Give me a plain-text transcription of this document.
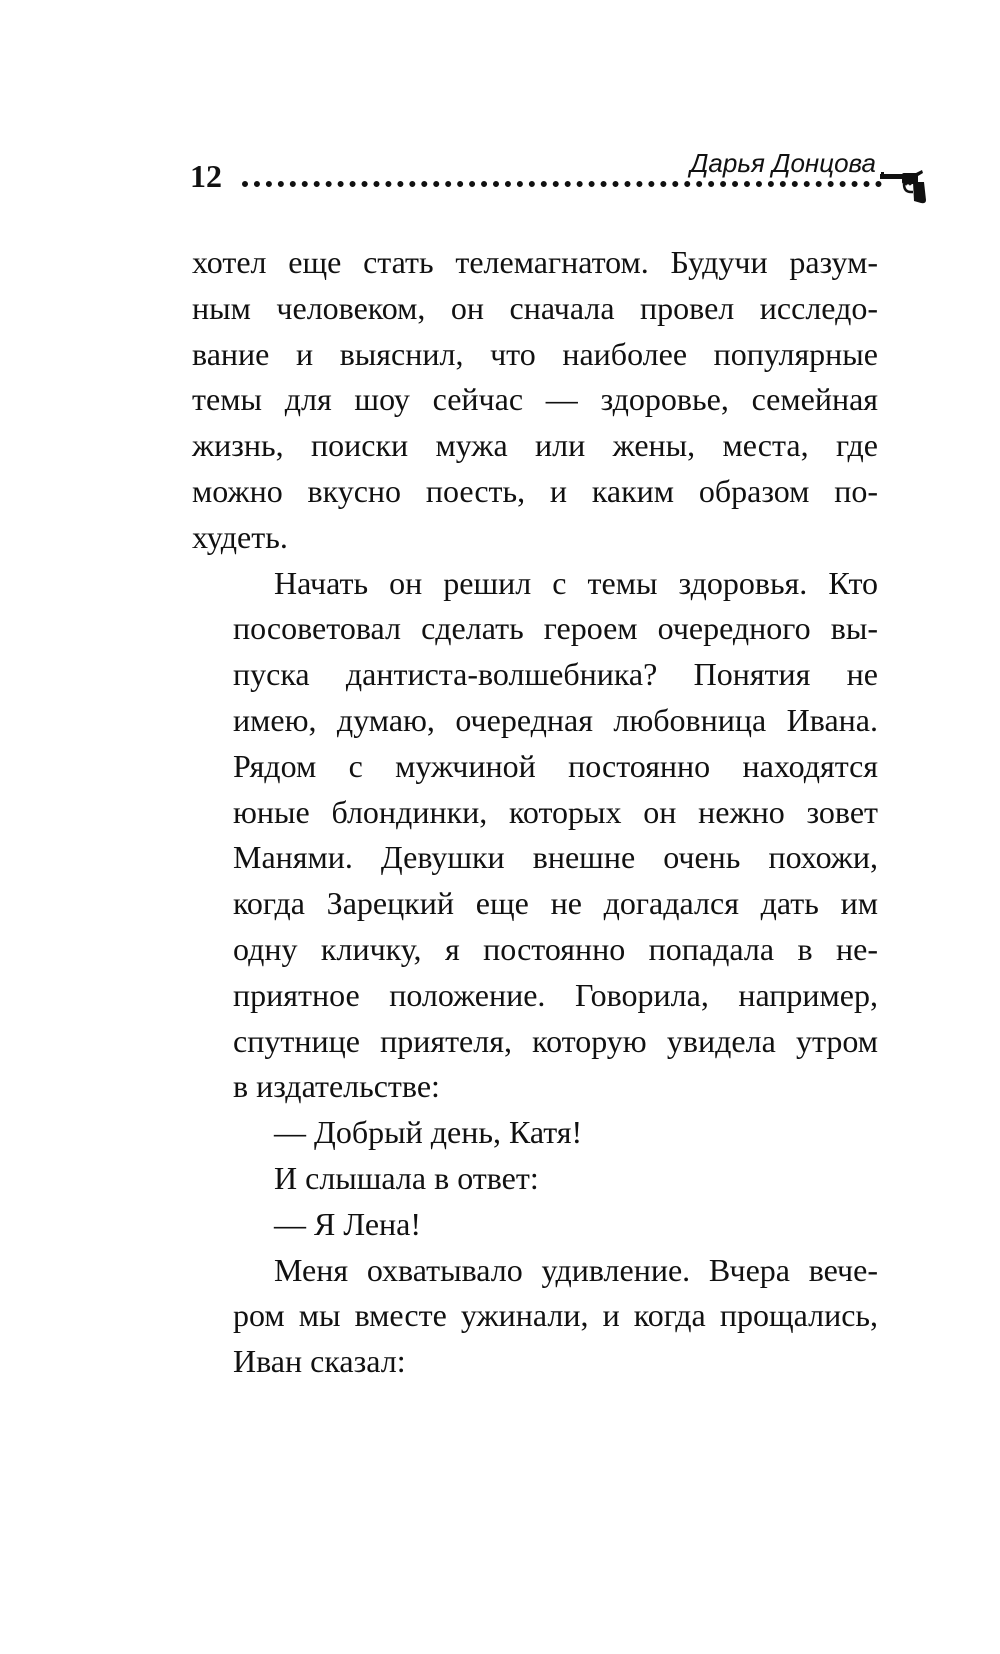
12	Дарья Донцова
хотел еще стать телемагнатом. Будучи разум-
ным человеком, он сначала провел исследо-
вание и выяснил, что наиболее популярные
темы для шоу сейчас — здоровье, семейная
жизнь, поиски мужа или жены, места, где
можно вкусно поесть, и каким образом по-
худеть.
Начать он решил с темы здоровья. Кто
посоветовал сделать героем очередного вы-
пуска дантиста-волшебника? Понятия не
имею, думаю, очередная любовница Ивана.
Рядом с мужчиной постоянно находятся
юные блондинки, которых он нежно зовет
Манями. Девушки внешне очень похожи,
когда Зарецкий еще не догадался дать им
одну кличку, я постоянно попадала в не-
приятное положение. Говорила, например,
спутнице приятеля, которую увидела утром
в издательстве:
— Добрый день, Катя!
И слышала в ответ:
— Я Лена!
Меня охватывало удивление. Вчера вече-
ром мы вместе ужинали, и когда прощались,
Иван сказал:
